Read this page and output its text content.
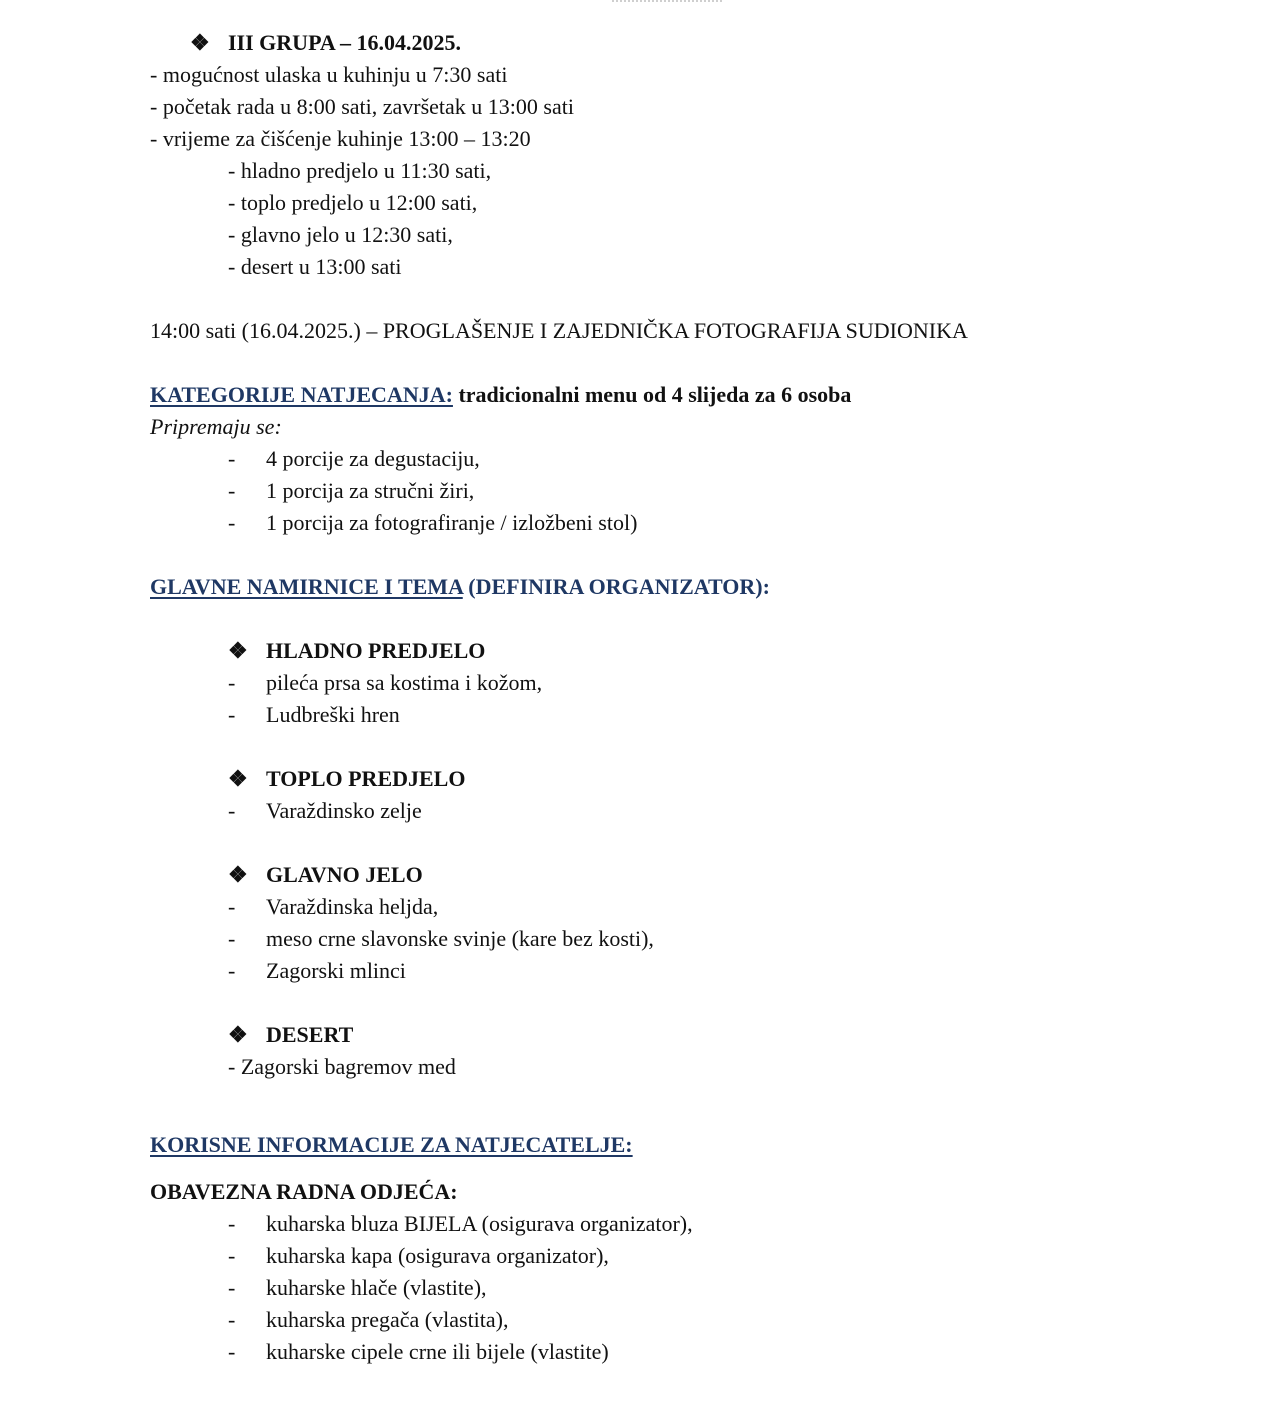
❖ III GRUPA – 16.04.2025.
- mogućnost ulaska u kuhinju u 7:30 sati
- početak rada u 8:00 sati, završetak u 13:00 sati
- vrijeme za čišćenje kuhinje 13:00 – 13:20
- hladno predjelo u 11:30 sati,
- toplo predjelo u 12:00 sati,
- glavno jelo u 12:30 sati,
- desert u 13:00 sati
14:00 sati (16.04.2025.) – PROGLAŠENJE I ZAJEDNIČKA FOTOGRAFIJA SUDIONIKA
KATEGORIJE NATJECANJA: tradicionalni menu od 4 slijeda za 6 osoba
Pripremaju se:
- 4 porcije za degustaciju,
- 1 porcija za stručni žiri,
- 1 porcija za fotografiranje / izložbeni stol)
GLAVNE NAMIRNICE I TEMA (DEFINIRA ORGANIZATOR):
❖ HLADNO PREDJELO
- pileća prsa sa kostima i kožom,
- Ludbreški hren
❖ TOPLO PREDJELO
- Varaždinsko zelje
❖ GLAVNO JELO
- Varaždinska heljda,
- meso crne slavonske svinje (kare bez kosti),
- Zagorski mlinci
❖ DESERT
- Zagorski bagremov med
KORISNE INFORMACIJE ZA NATJECATELJE:
OBAVEZNA RADNA ODJEĆA:
- kuharska bluza BIJELA (osigurava organizator),
- kuharska kapa (osigurava organizator),
- kuharske hlače (vlastite),
- kuharska pregača (vlastita),
- kuharske cipele crne ili bijele (vlastite)
